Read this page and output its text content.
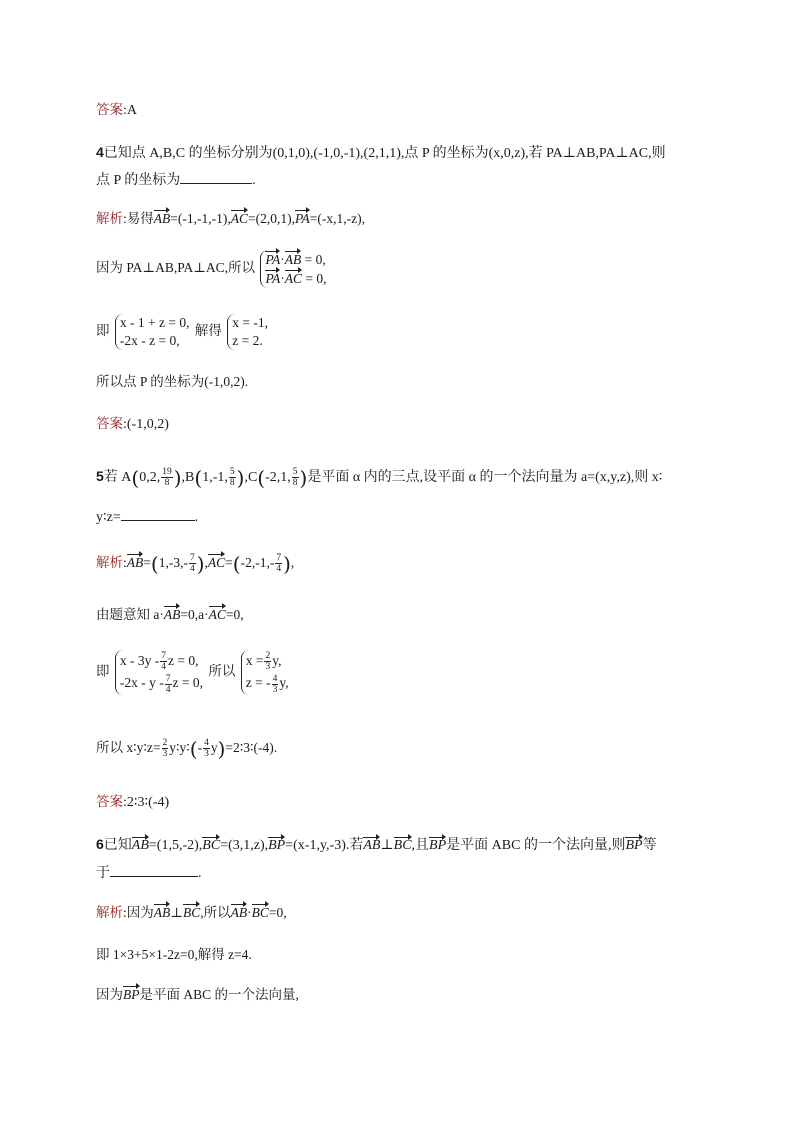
答案:A
4已知点 A,B,C 的坐标分别为(0,1,0),(-1,0,-1),(2,1,1),点 P 的坐标为(x,0,z),若 PA⊥AB,PA⊥AC,则
点 P 的坐标为	.
解析:易得AB=(-1,-1,-1),AC=(2,0,1),PA=(-x,1,-z),
因为 PA⊥AB,PA⊥AC,所以
PA·AB = 0,
PA·AC = 0,
即
x - 1 + z = 0,
-2x - z = 0,
解得
x = -1,
z = 2.
所以点 P 的坐标为(-1,0,2).
答案:(-1,0,2)
5若 A(0,2, $\frac{19}{8} ),B(1,-1$, $\frac{5}{8} ),C(-2,1$, $\frac{5}{8}$ )是平面 α 内的三点,设平面 α 的一个法向量为 a=(x,y,z),则 x∶
y∶z=	.
解析:AB=(1,-3,- $\frac{7}{4} ),AC=(-2,-1,- \frac{7}{4}$ ),
由题意知 a·AB=0,a·AC=0,
即
x - $3y - \frac{7}{4}$ z = 0,
-2x - y - $\frac{7}{4}$ z = 0,
所以
$x = \frac{2}{3} y$,
z = - $\frac{4}{3} y$,
所以 x∶y∶z= $\frac{2}{3}$ y∶y∶(- $\frac{4}{3}$ y)=2∶3∶(-4).
答案:2∶3∶(-4)
6已知AB=(1,5,-2),BC=(3,1,z),BP=(x-1,y,-3).若AB⊥BC,且BP是平面 ABC 的一个法向量,则BP等
于	.
解析:因为AB⊥BC,所以AB·BC=0,
即 1×3+5×1-2z=0,解得 z=4.
因为BP是平面 ABC 的一个法向量,
